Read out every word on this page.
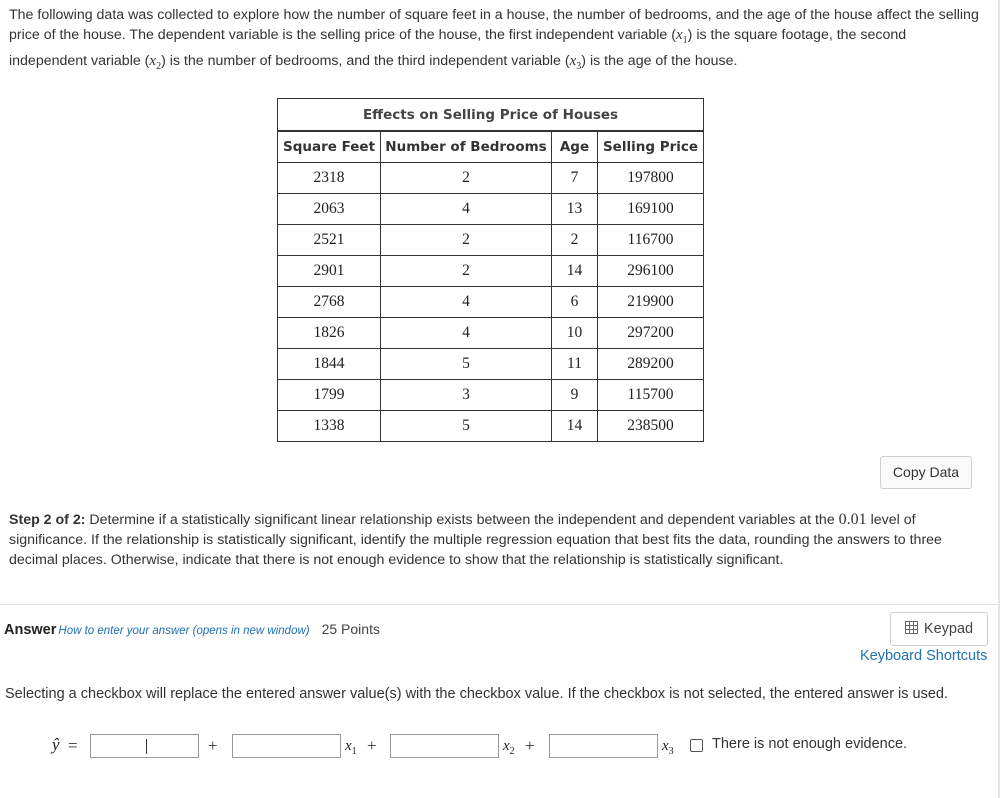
The following data was collected to explore how the number of square feet in a house, the number of bedrooms, and the age of the house affect the selling price of the house. The dependent variable is the selling price of the house, the first independent variable $(x_1)$ is the square footage, the second independent variable $(x_2)$ is the number of bedrooms, and the third independent variable $(x_3)$ is the age of the house.
Effects on Selling Price of Houses			
Square Feet	Number of Bedrooms	Age	Selling Price
2318	2	7	197800
2063	4	13	169100
2521	2	2	116700
2901	2	14	296100
2768	4	6	219900
1826	4	10	297200
1844	5	11	289200
1799	3	9	115700
1338	5	14	238500
Copy Data
Step 2 of 2: Determine if a statistically significant linear relationship exists between the independent and dependent variables at the 0.01 level of significance. If the relationship is statistically significant, identify the multiple regression equation that best fits the data, rounding the answers to three decimal places. Otherwise, indicate that there is not enough evidence to show that the relationship is statistically significant.
Answer How to enter your answer (opens in new window) 25 Points	Keypad
Keyboard Shortcuts
Selecting a checkbox will replace the entered answer value(s) with the checkbox value. If the checkbox is not selected, the entered answer is used.
ŷ =	+	$x_1$ +	$x_2$ +	$x_3$	There is not enough evidence.
